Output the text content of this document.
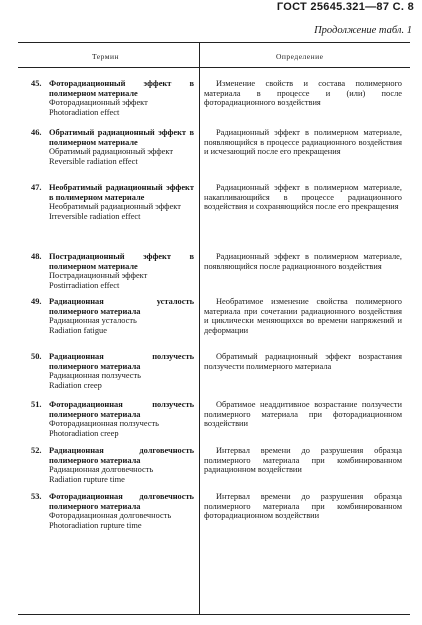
ГОСТ 25645.321—87 С. 8
Продолжение табл. 1
Термин	Определение
45. Фоторадиационный эффект в полимерном материале
Фоторадиационный эффект
Photoradiation effect
Изменение свойств и состава полимерного материала в процессе и (или) после фоторадиационного воздействия
46. Обратимый радиационный эффект в полимерном материале
Обратимый радиационный эффект
Reversible radiation effect
Радиационный эффект в полимерном материале, появляющийся в процессе радиационного воздействия и исчезающий после его прекращения
47. Необратимый радиационный эффект в полимерном материале
Необратимый радиационный эффект
Irreversible radiation effect
Радиационный эффект в полимерном материале, накапливающийся в процессе радиационного воздействия и сохраняющийся после его прекращения
48. Пострадиационный эффект в полимерном материале
Пострадиационный эффект
Postirradiation effect
Радиационный эффект в полимерном материале, появляющийся после радиационного воздействия
49. Радиационная усталость полимерного материала
Радиационная усталость
Radiation fatigue
Необратимое изменение свойства полимерного материала при сочетании радиационного воздействия и циклически меняющихся во времени напряжений и деформации
50. Радиационная ползучесть полимерного материала
Радиационная ползучесть
Radiation creep
Обратимый радиационный эффект возрастания ползучести полимерного материала
51. Фоторадиационная ползучесть полимерного материала
Фоторадиационная ползучесть
Photoradiation creep
Обратимое неаддитивное возрастание ползучести полимерного материала при фоторадиационном воздействии
52. Радиационная долговечность полимерного материала
Радиационная долговечность
Radiation rupture time
Интервал времени до разрушения образца полимерного материала при комбинированном радиационном воздействии
53. Фоторадиационная долговечность полимерного материала
Фоторадиационная долговечность
Photoradiation rupture time
Интервал времени до разрушения образца полимерного материала при комбинированном фоторадиационном воздействии
